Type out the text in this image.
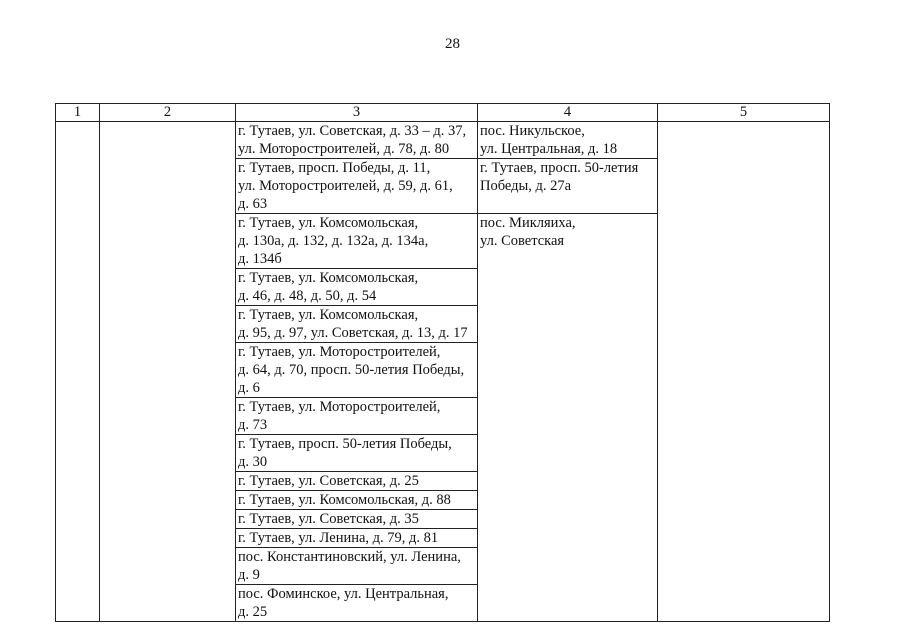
28
1	2	3	4	5

		г. Тутаев, ул. Советская, д. 33 – д. 37,
ул. Моторостроителей, д. 78, д. 80	пос. Никульское,
ул. Центральная, д. 18	

		г. Тутаев, просп. Победы, д. 11,
ул. Моторостроителей, д. 59, д. 61,
д. 63	г. Тутаев, просп. 50-летия
Победы, д. 27а	

		г. Тутаев, ул. Комсомольская,
д. 130а, д. 132, д. 132а, д. 134а,
д. 134б	пос. Микляиха,
ул. Советская	

		г. Тутаев, ул. Комсомольская,
д. 46, д. 48, д. 50, д. 54		

		г. Тутаев, ул. Комсомольская,
д. 95, д. 97, ул. Советская, д. 13, д. 17		

		г. Тутаев, ул. Моторостроителей,
д. 64, д. 70, просп. 50-летия Победы,
д. 6		

		г. Тутаев, ул. Моторостроителей,
д. 73		

		г. Тутаев, просп. 50-летия Победы,
д. 30		

		г. Тутаев, ул. Советская, д. 25		

		г. Тутаев, ул. Комсомольская, д. 88		

		г. Тутаев, ул. Советская, д. 35		

		г. Тутаев, ул. Ленина, д. 79, д. 81		

		пос. Константиновский, ул. Ленина,
д. 9		

		пос. Фоминское, ул. Центральная,
д. 25		
